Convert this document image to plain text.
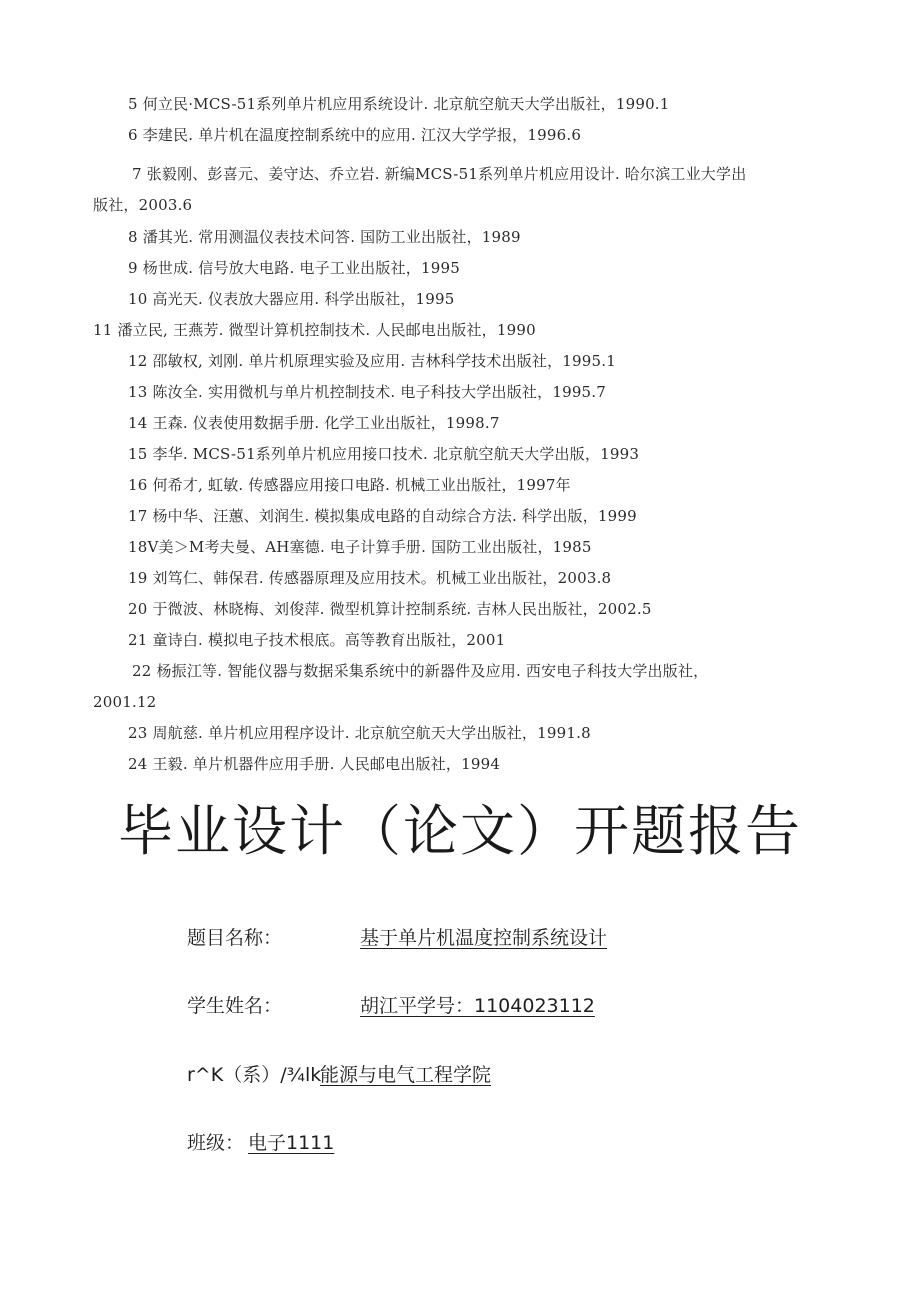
5 何立民·MCS-51系列单片机应用系统设计. 北京航空航天大学出版社，1990.1
6 李建民. 单片机在温度控制系统中的应用. 江汉大学学报，1996.6
7 张毅刚、彭喜元、姜守达、乔立岩. 新编MCS-51系列单片机应用设计. 哈尔滨工业大学出
版社，2003.6
8 潘其光. 常用测温仪表技术问答. 国防工业出版社，1989
9 杨世成. 信号放大电路. 电子工业出版社，1995
10 高光天. 仪表放大器应用. 科学出版社，1995
11 潘立民, 王燕芳. 微型计算机控制技术. 人民邮电出版社，1990
12 邵敏权, 刘刚. 单片机原理实验及应用. 吉林科学技术出版社，1995.1
13 陈汝全. 实用微机与单片机控制技术. 电子科技大学出版社，1995.7
14 王森. 仪表使用数据手册. 化学工业出版社，1998.7
15 李华. MCS-51系列单片机应用接口技术. 北京航空航天大学出版，1993
16 何希才, 虹敏. 传感器应用接口电路. 机械工业出版社，1997年
17 杨中华、汪蕙、刘润生. 模拟集成电路的自动综合方法. 科学出版，1999
18Ⅴ美＞M考夫曼、AH塞德. 电子计算手册. 国防工业出版社，1985
19 刘笃仁、韩保君. 传感器原理及应用技术。机械工业出版社，2003.8
20 于微波、林晓梅、刘俊萍. 微型机算计控制系统. 吉林人民出版社，2002.5
21 童诗白. 模拟电子技术根底。高等教育出版社，2001
22 杨振江等. 智能仪器与数据采集系统中的新器件及应用. 西安电子科技大学出版社，
2001.12
23 周航慈. 单片机应用程序设计. 北京航空航天大学出版社，1991.8
24 王毅. 单片机器件应用手册. 人民邮电出版社，1994
毕业设计（论文）开题报告
题目名称：	基于单片机温度控制系统设计
学生姓名：	胡江平学号：1104023112
r^K（系）/¾lk
能源与电气工程学院
班级： 电子1111
